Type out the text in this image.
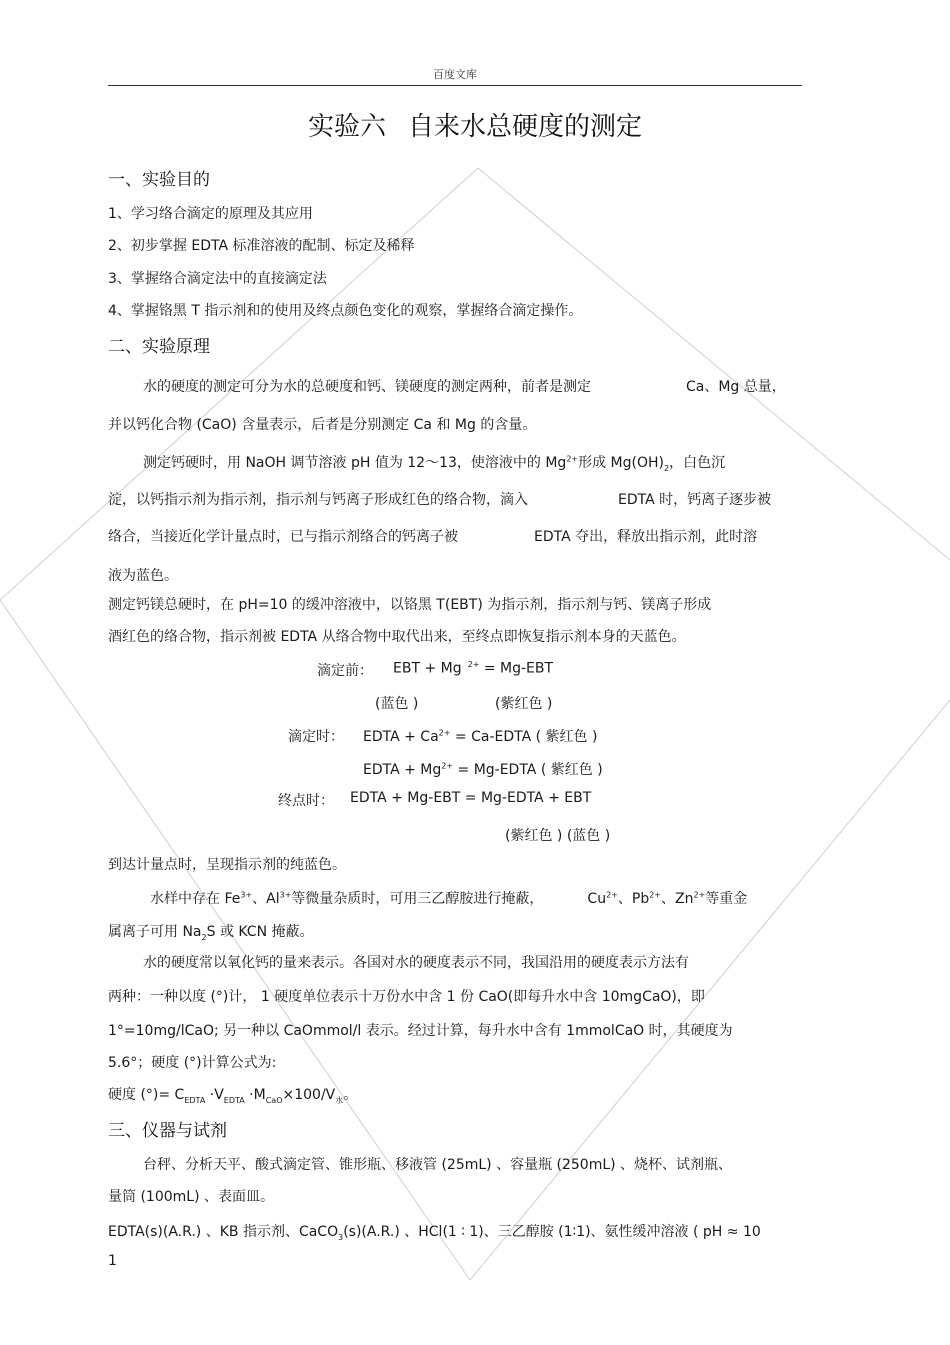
百度文库
实验六 自来水总硬度的测定
一、实验目的
1、学习络合滴定的原理及其应用
2、初步掌握 EDTA 标准溶液的配制、标定及稀释
3、掌握络合滴定法中的直接滴定法
4、掌握铬黑 T 指示剂和的使用及终点颜色变化的观察，掌握络合滴定操作。
二、实验原理
水的硬度的测定可分为水的总硬度和钙、镁硬度的测定两种，前者是测定	Ca、Mg 总量，
并以钙化合物 (CaO) 含量表示，后者是分别测定 Ca 和 Mg 的含量。
测定钙硬时，用 NaOH 调节溶液 pH 值为 12～13，使溶液中的 $Mg^{2+}$形成 $Mg(OH)_2$，白色沉
淀，以钙指示剂为指示剂，指示剂与钙离子形成红色的络合物，滴入	EDTA 时，钙离子逐步被
络合，当接近化学计量点时，已与指示剂络合的钙离子被	EDTA 夺出，释放出指示剂，此时溶
液为蓝色。
测定钙镁总硬时，在 pH=10 的缓冲溶液中，以铬黑 T(EBT) 为指示剂，指示剂与钙、镁离子形成
酒红色的络合物，指示剂被 EDTA 从络合物中取代出来，至终点即恢复指示剂本身的天蓝色。
滴定前： EBT + Mg $^{2+}$ = Mg-EBT
(蓝色 )	(紫红色 )
滴定时： EDTA + $Ca^{2+}$ = Ca-EDTA ( 紫红色 )
EDTA + $Mg^{2+}$ = Mg-EDTA ( 紫红色 )
终点时： EDTA + Mg-EBT = Mg-EDTA + EBT
(紫红色 ) (蓝色 )
到达计量点时，呈现指示剂的纯蓝色。
水样中存在 $Fe^{3+}$、$Al^{3+}$等微量杂质时，可用三乙醇胺进行掩蔽，	$Cu^{2+}$、$Pb^{2+}$、$Zn^{2+}$等重金
属离子可用 $Na_2S$ 或 KCN 掩蔽。
水的硬度常以氧化钙的量来表示。各国对水的硬度表示不同，我国沿用的硬度表示方法有
两种：一种以度 (°)计， 1 硬度单位表示十万份水中含 1 份 CaO(即每升水中含 10mgCaO)，即
1°=10mg/lCaO; 另一种以 CaOmmol/l 表示。经过计算，每升水中含有 1mmolCaO 时，其硬度为
5.6°；硬度 (°)计算公式为:
硬度 (°)= $C_{EDTA} \cdot V_{EDTA} \cdot M_{CaO}\times 100/V_水$。
三、仪器与试剂
台秤、分析天平、酸式滴定管、锥形瓶、移液管 (25mL) 、容量瓶 (250mL) 、烧杯、试剂瓶、
量筒 (100mL) 、表面皿。
EDTA(s)(A.R.) 、KB 指示剂、CaCO$_3$(s)(A.R.) 、HCl(1 ∶ 1)、三乙醇胺 (1∶1)、氨性缓冲溶液 ( pH ≈ 10
1
